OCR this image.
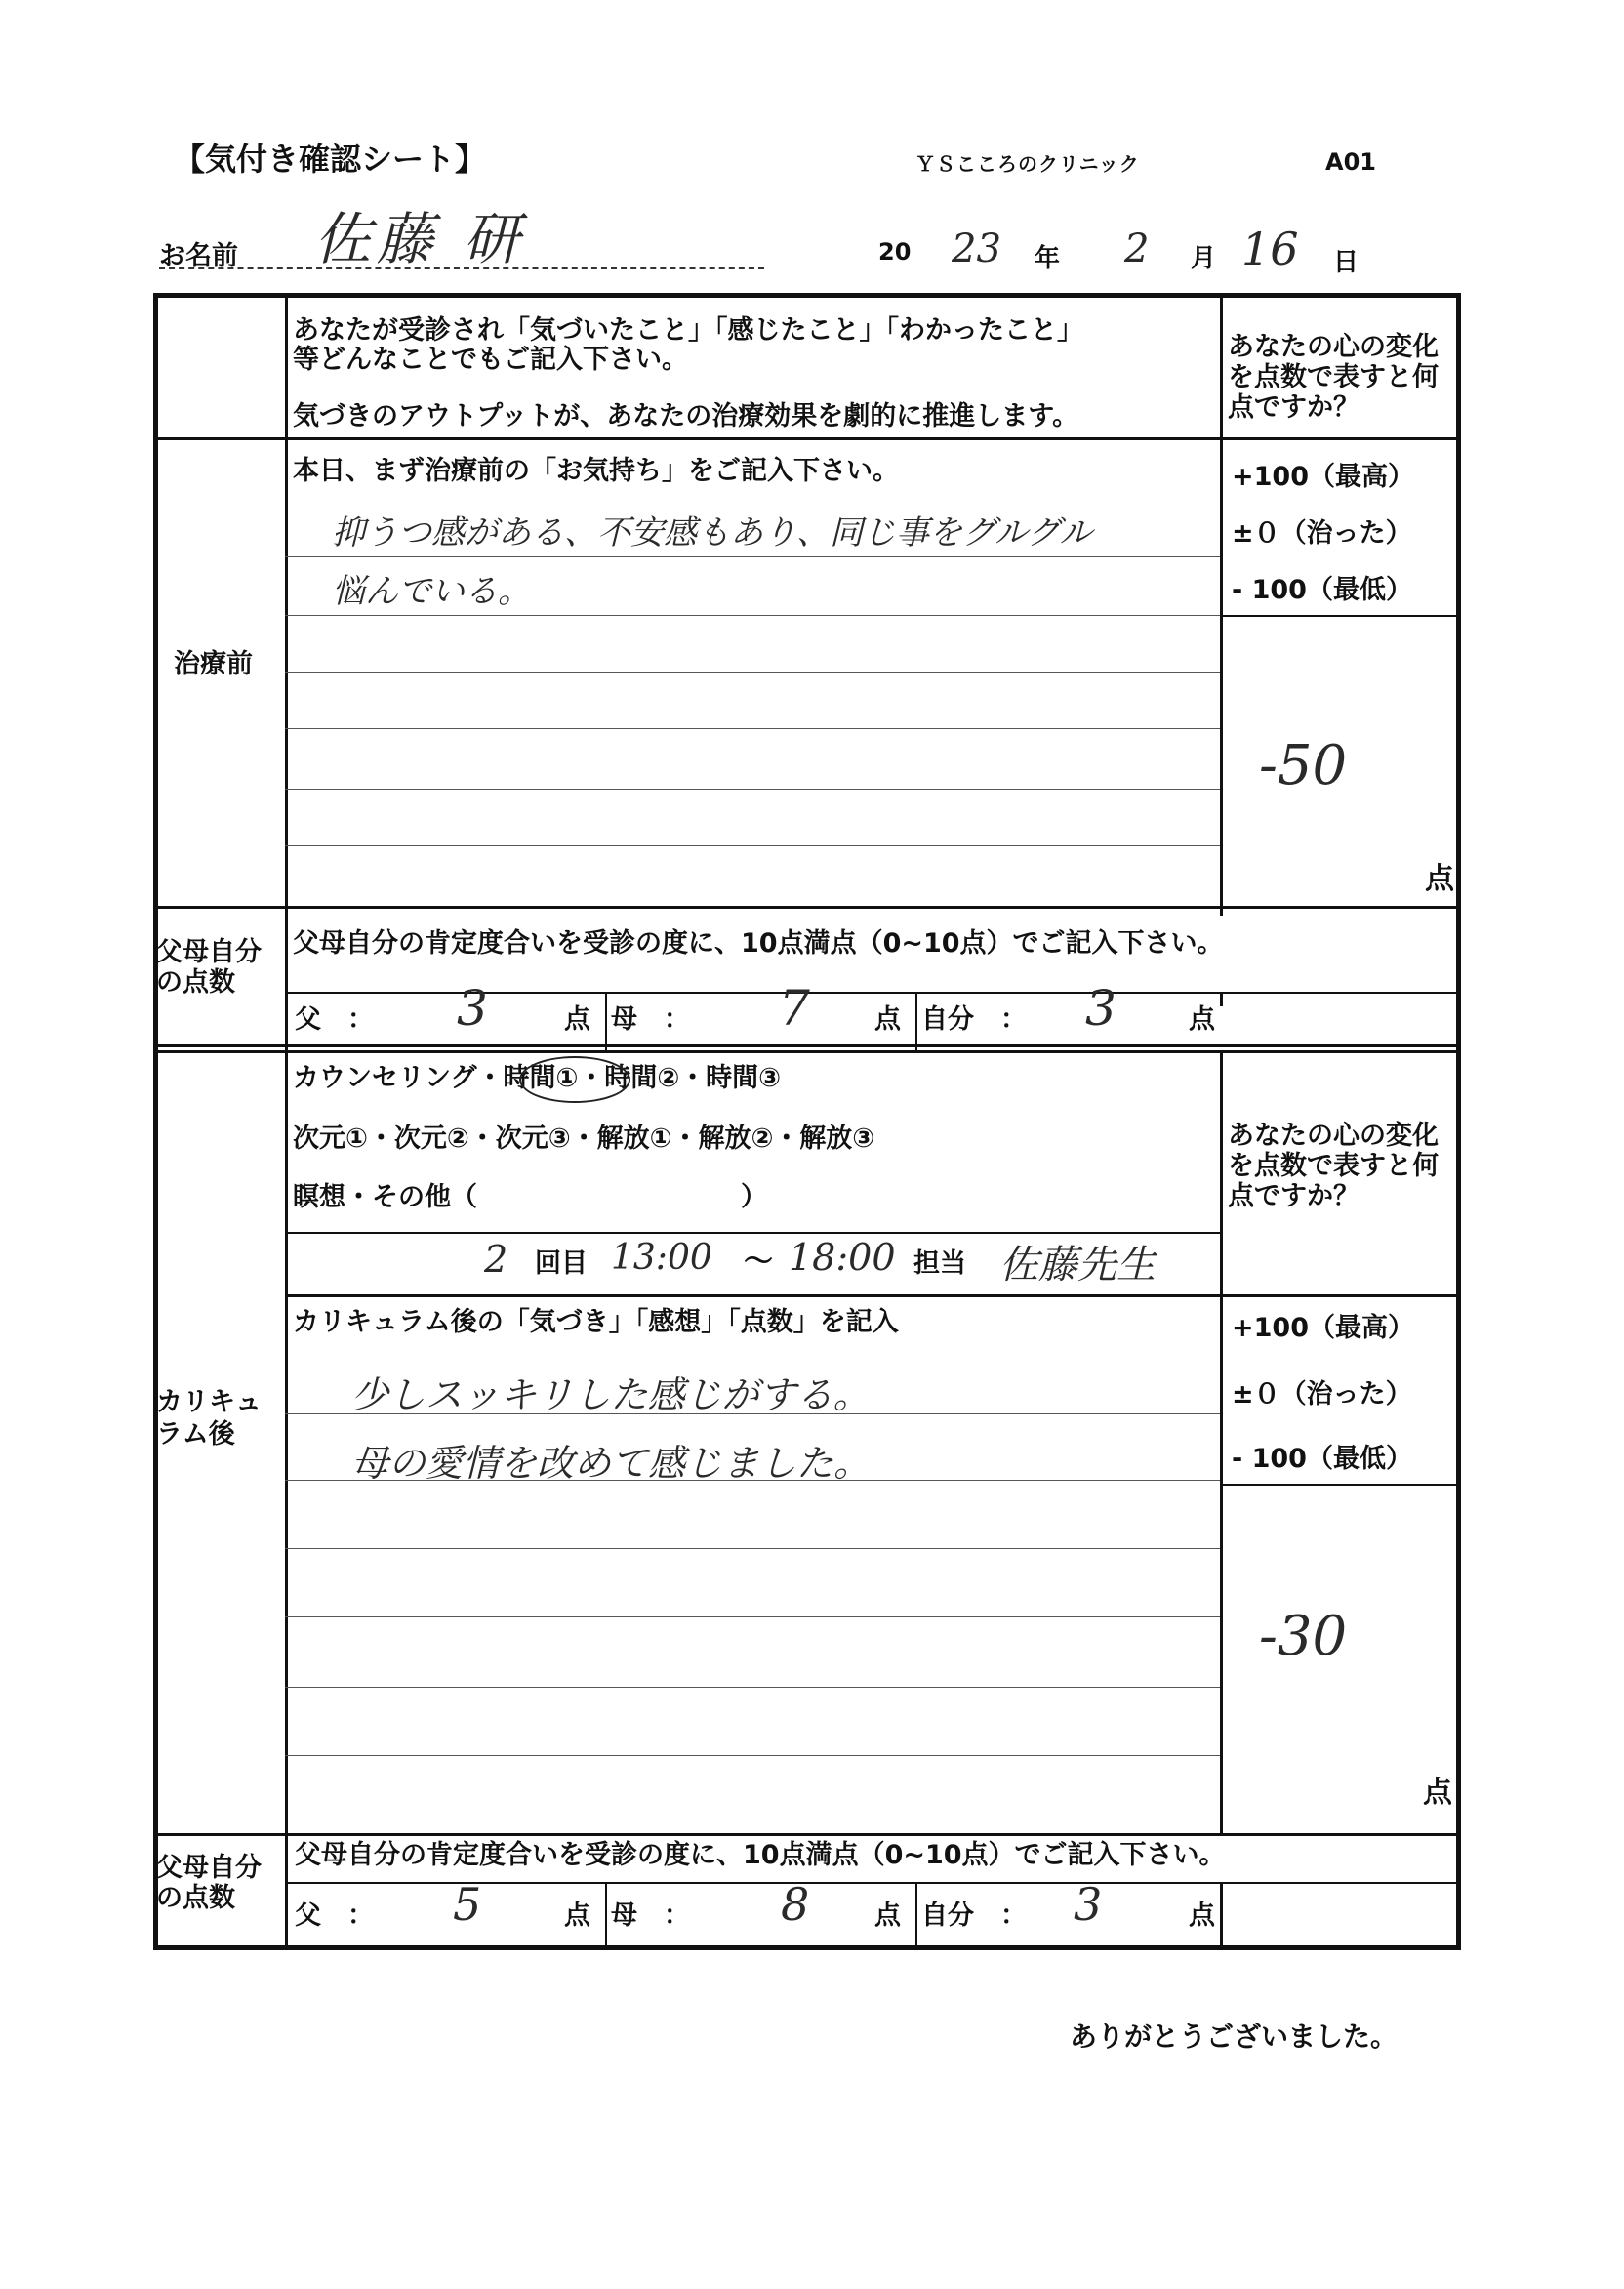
【気付き確認シート】	ＹＳこころのクリニック	A01
お名前 佐藤 研	20 23 年 2 月 16 日
あなたが受診され「気づいたこと」「感じたこと」「わかったこと」
等どんなことでもご記入下さい。
気づきのアウトプットが、あなたの治療効果を劇的に推進します。
あなたの心の変化を点数で表すと何点ですか？
治療前
本日、まず治療前の「お気持ち」をご記入下さい。
抑うつ感がある、不安感もあり、同じ事をグルグル
悩んでいる。
+100（最高）
±０（治った）
- 100（最低）
-50
点
父母自分の点数
父母自分の肯定度合いを受診の度に、10点満点（0~10点）でご記入下さい。
父　： 3	点 母　： 7 点 自分　： 3	点
カリキュラム後
カウンセリング・時間①・時間②・時間③
次元①・次元②・次元③・解放①・解放②・解放③
瞑想・その他（　　　　　　　　　　）
あなたの心の変化を点数で表すと何点ですか？
2 回目 13:00 ～ 18:00 担当 佐藤先生
カリキュラム後の「気づき」「感想」「点数」を記入
少しスッキリした感じがする。
母の愛情を改めて感じました。
+100（最高）
±０（治った）
- 100（最低）
-30
点
父母自分の点数
父母自分の肯定度合いを受診の度に、10点満点（0~10点）でご記入下さい。
父　： 5	点 母　： 8 点 自分　： 3	点
ありがとうございました。
